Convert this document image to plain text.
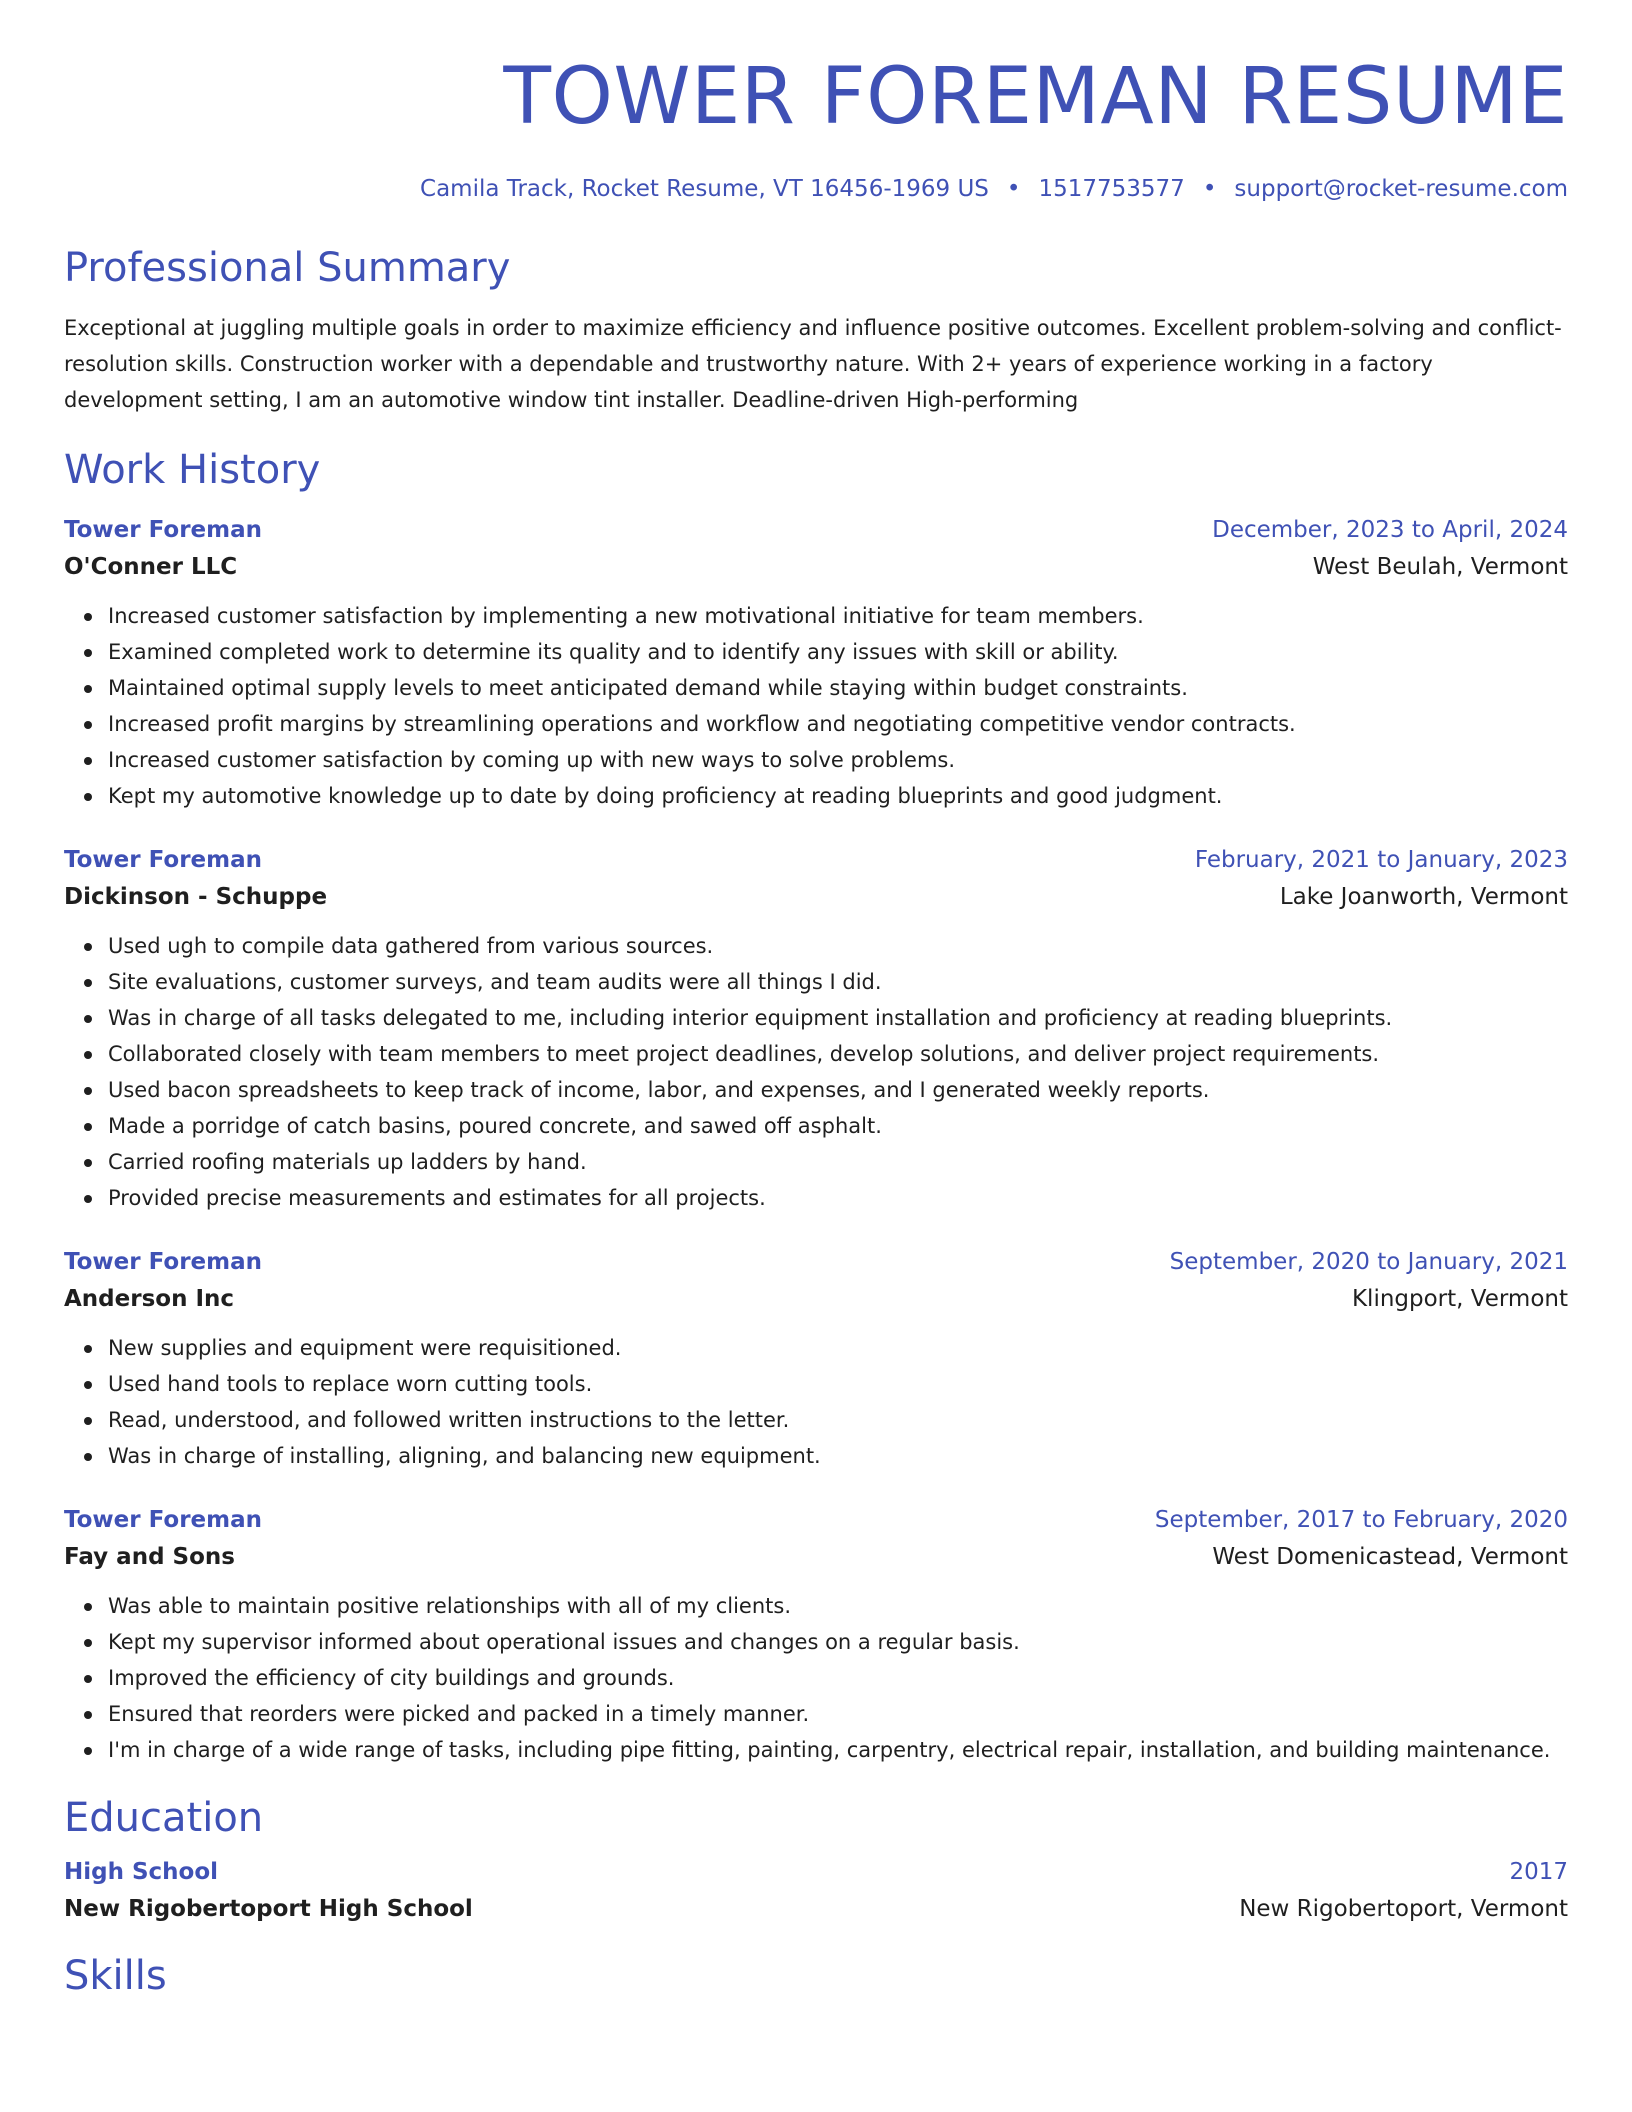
TOWER FOREMAN RESUME
Camila Track, Rocket Resume, VT 16456-1969 US • 1517753577 • support@rocket-resume.com
Professional Summary

Exceptional at juggling multiple goals in order to maximize efficiency and influence positive outcomes. Excellent problem-solving and conflict-resolution skills. Construction worker with a dependable and trustworthy nature. With 2+ years of experience working in a factory development setting, I am an automotive window tint installer. Deadline-driven High-performing

Work History
Tower Foreman	December, 2023 to April, 2024
O'Conner LLC	West Beulah, Vermont
Increased customer satisfaction by implementing a new motivational initiative for team members.
Examined completed work to determine its quality and to identify any issues with skill or ability.
Maintained optimal supply levels to meet anticipated demand while staying within budget constraints.
Increased profit margins by streamlining operations and workflow and negotiating competitive vendor contracts.
Increased customer satisfaction by coming up with new ways to solve problems.
Kept my automotive knowledge up to date by doing proficiency at reading blueprints and good judgment.
Tower Foreman	February, 2021 to January, 2023
Dickinson - Schuppe	Lake Joanworth, Vermont
Used ugh to compile data gathered from various sources.
Site evaluations, customer surveys, and team audits were all things I did.
Was in charge of all tasks delegated to me, including interior equipment installation and proficiency at reading blueprints.
Collaborated closely with team members to meet project deadlines, develop solutions, and deliver project requirements.
Used bacon spreadsheets to keep track of income, labor, and expenses, and I generated weekly reports.
Made a porridge of catch basins, poured concrete, and sawed off asphalt.
Carried roofing materials up ladders by hand.
Provided precise measurements and estimates for all projects.
Tower Foreman	September, 2020 to January, 2021
Anderson Inc	Klingport, Vermont
New supplies and equipment were requisitioned.
Used hand tools to replace worn cutting tools.
Read, understood, and followed written instructions to the letter.
Was in charge of installing, aligning, and balancing new equipment.
Tower Foreman	September, 2017 to February, 2020
Fay and Sons	West Domenicastead, Vermont
Was able to maintain positive relationships with all of my clients.
Kept my supervisor informed about operational issues and changes on a regular basis.
Improved the efficiency of city buildings and grounds.
Ensured that reorders were picked and packed in a timely manner.
I'm in charge of a wide range of tasks, including pipe fitting, painting, carpentry, electrical repair, installation, and building maintenance.
Education
High School	2017
New Rigobertoport High School	New Rigobertoport, Vermont
Skills
